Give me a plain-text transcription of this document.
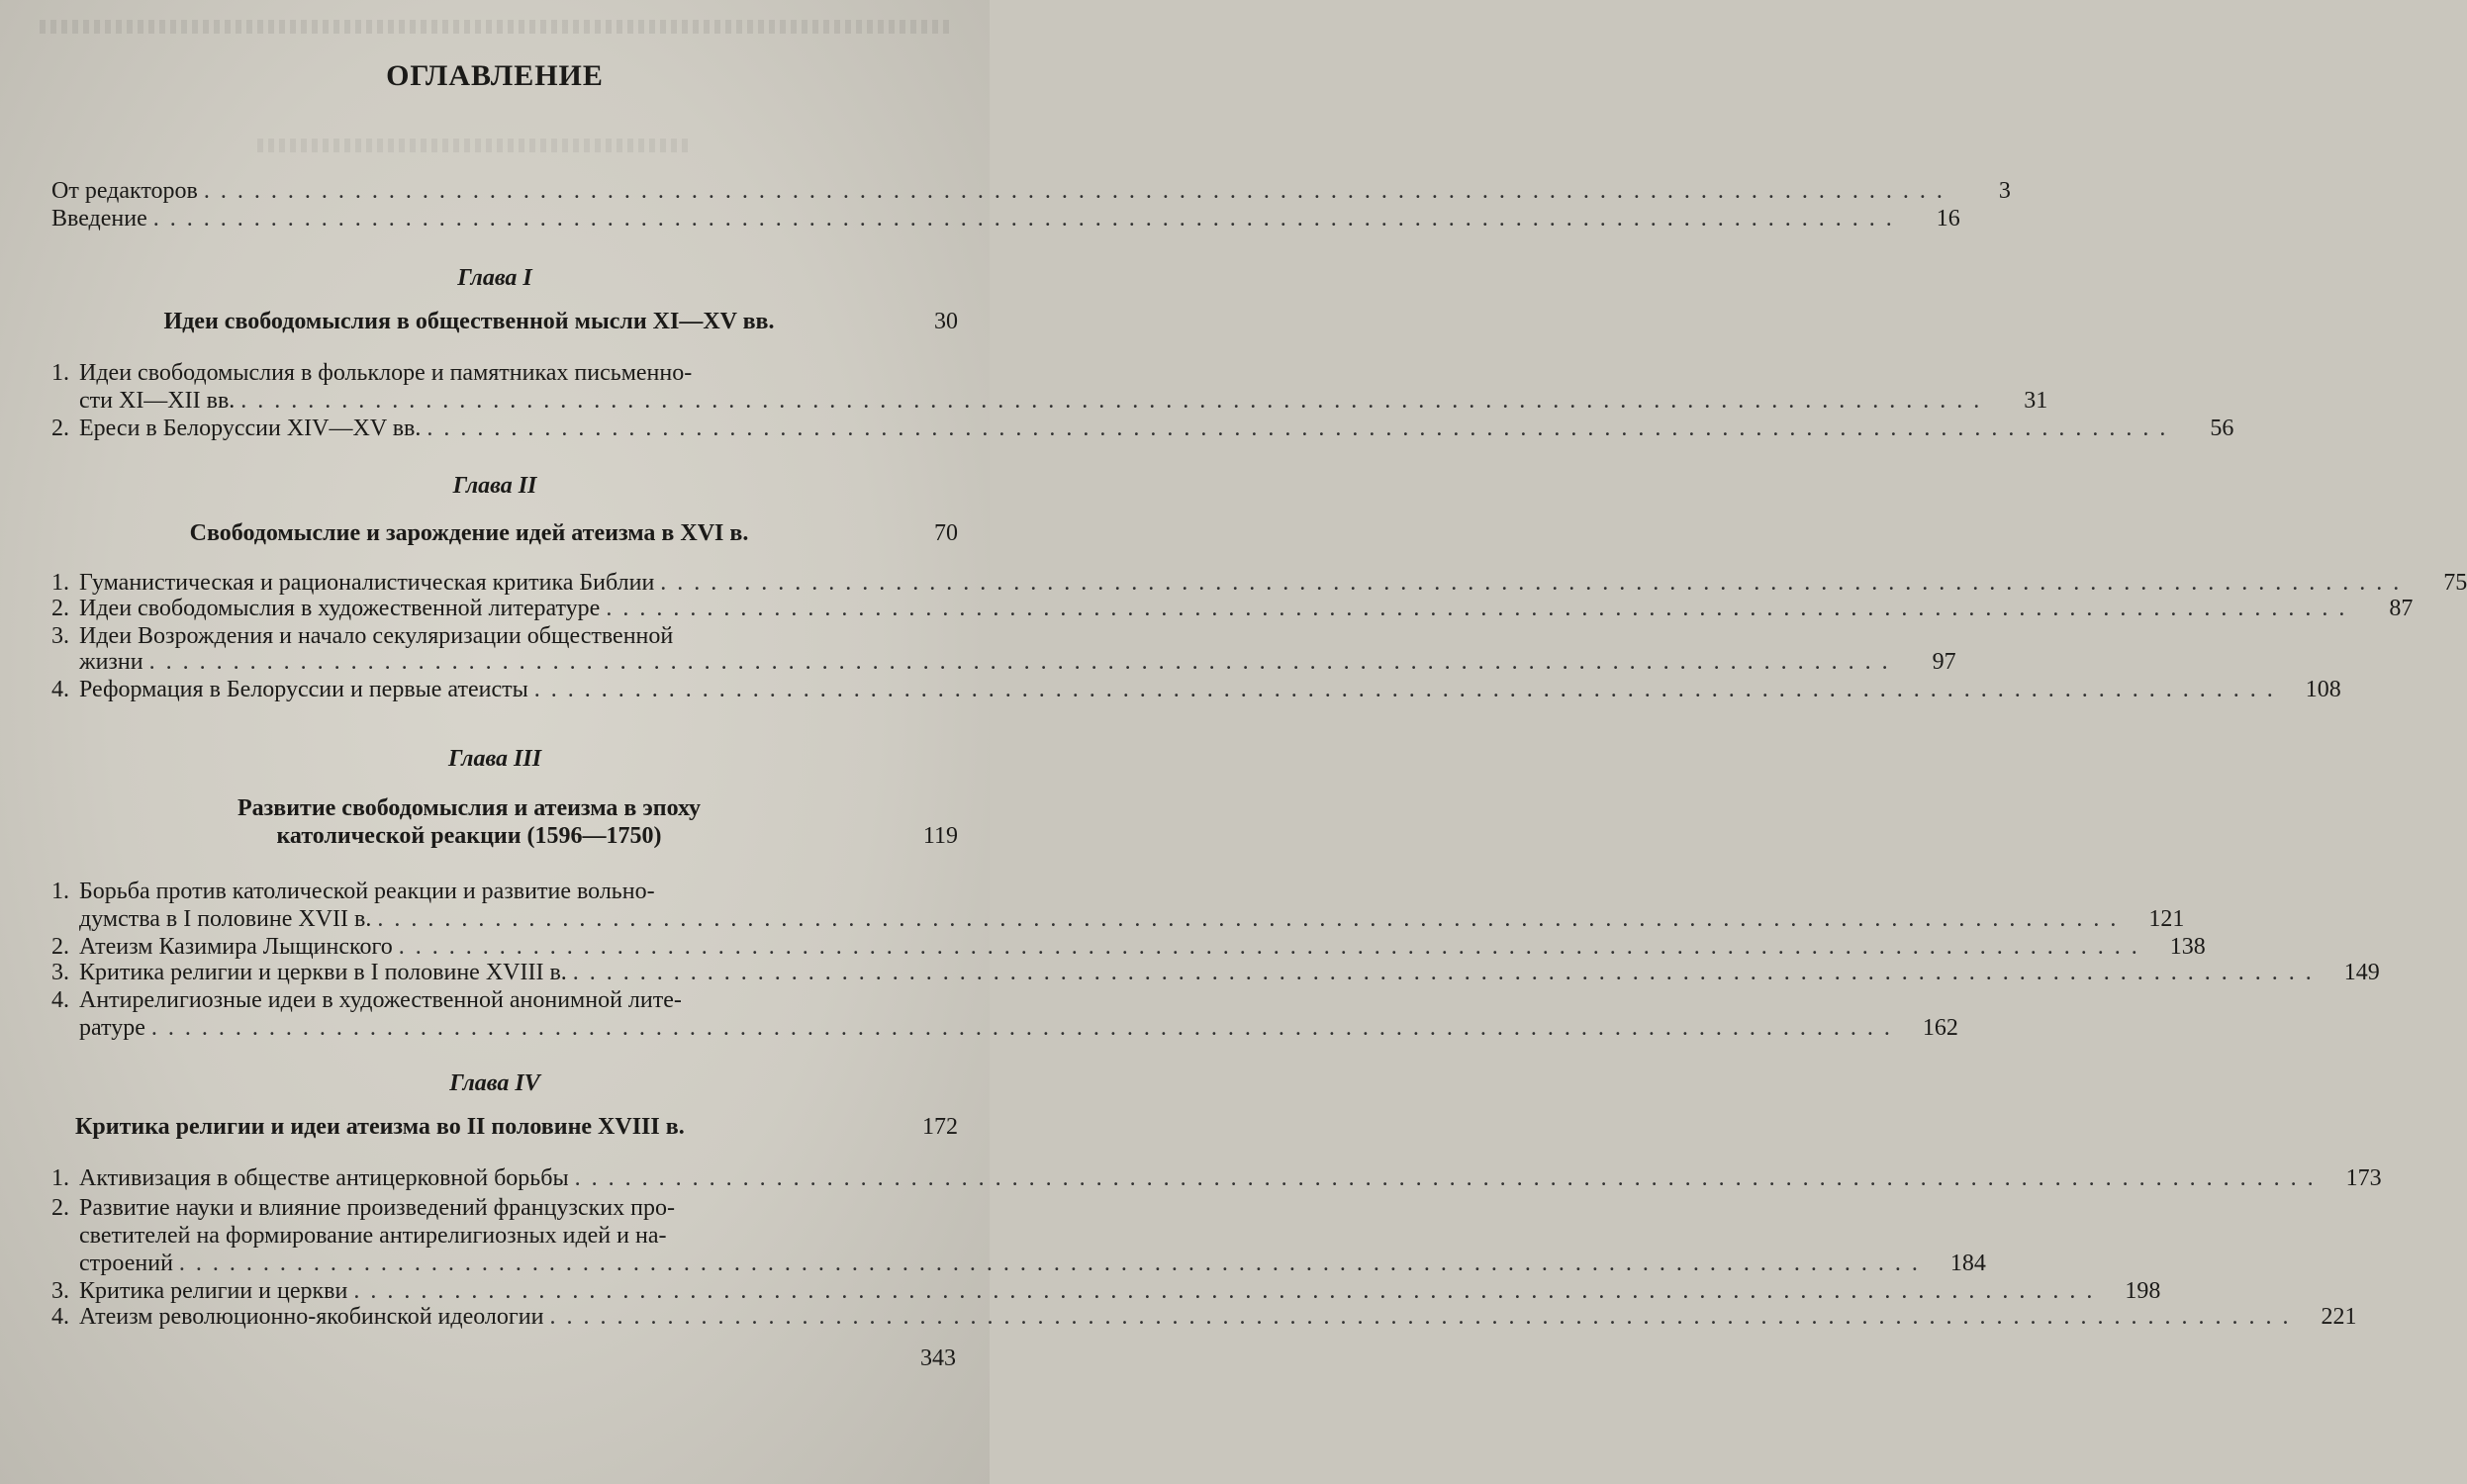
ОГЛАВЛЕНИЕ
От редакторов ........................................................................................................	3
Введение ........................................................................................................	16
Глава I
Идеи свободомыслия в общественной мысли XI—XV вв.	30
1. Идеи свободомыслия в фольклоре и памятниках письменно-
сти XI—XII вв. ........................................................................................................	31
2. Ереси в Белоруссии XIV—XV вв. ........................................................................................................	56
Глава II
Свободомыслие и зарождение идей атеизма в XVI в.	70
1. Гуманистическая и рационалистическая критика Библии ........................................................................................................	75
2. Идеи свободомыслия в художественной литературе ........................................................................................................	87
3. Идеи Возрождения и начало секуляризации общественной
жизни ........................................................................................................	97
4. Реформация в Белоруссии и первые атеисты ........................................................................................................ 108
Глава III
Развитие свободомыслия и атеизма в эпоху
католической реакции (1596—1750)	119
1. Борьба против католической реакции и развитие вольно-
думства в I половине XVII в. ........................................................................................................ 121
2. Атеизм Казимира Лыщинского ........................................................................................................ 138
3. Критика религии и церкви в I половине XVIII в. ........................................................................................................ 149
4. Антирелигиозные идеи в художественной анонимной лите-
ратуре ........................................................................................................ 162
Глава IV
Критика религии и идеи атеизма во II половине XVIII в.	172
1. Активизация в обществе антицерковной борьбы ........................................................................................................ 173
2. Развитие науки и влияние произведений французских про-
светителей на формирование антирелигиозных идей и на-
строений ........................................................................................................ 184
3. Критика религии и церкви ........................................................................................................ 198
4. Атеизм революционно-якобинской идеологии ........................................................................................................ 221
343
